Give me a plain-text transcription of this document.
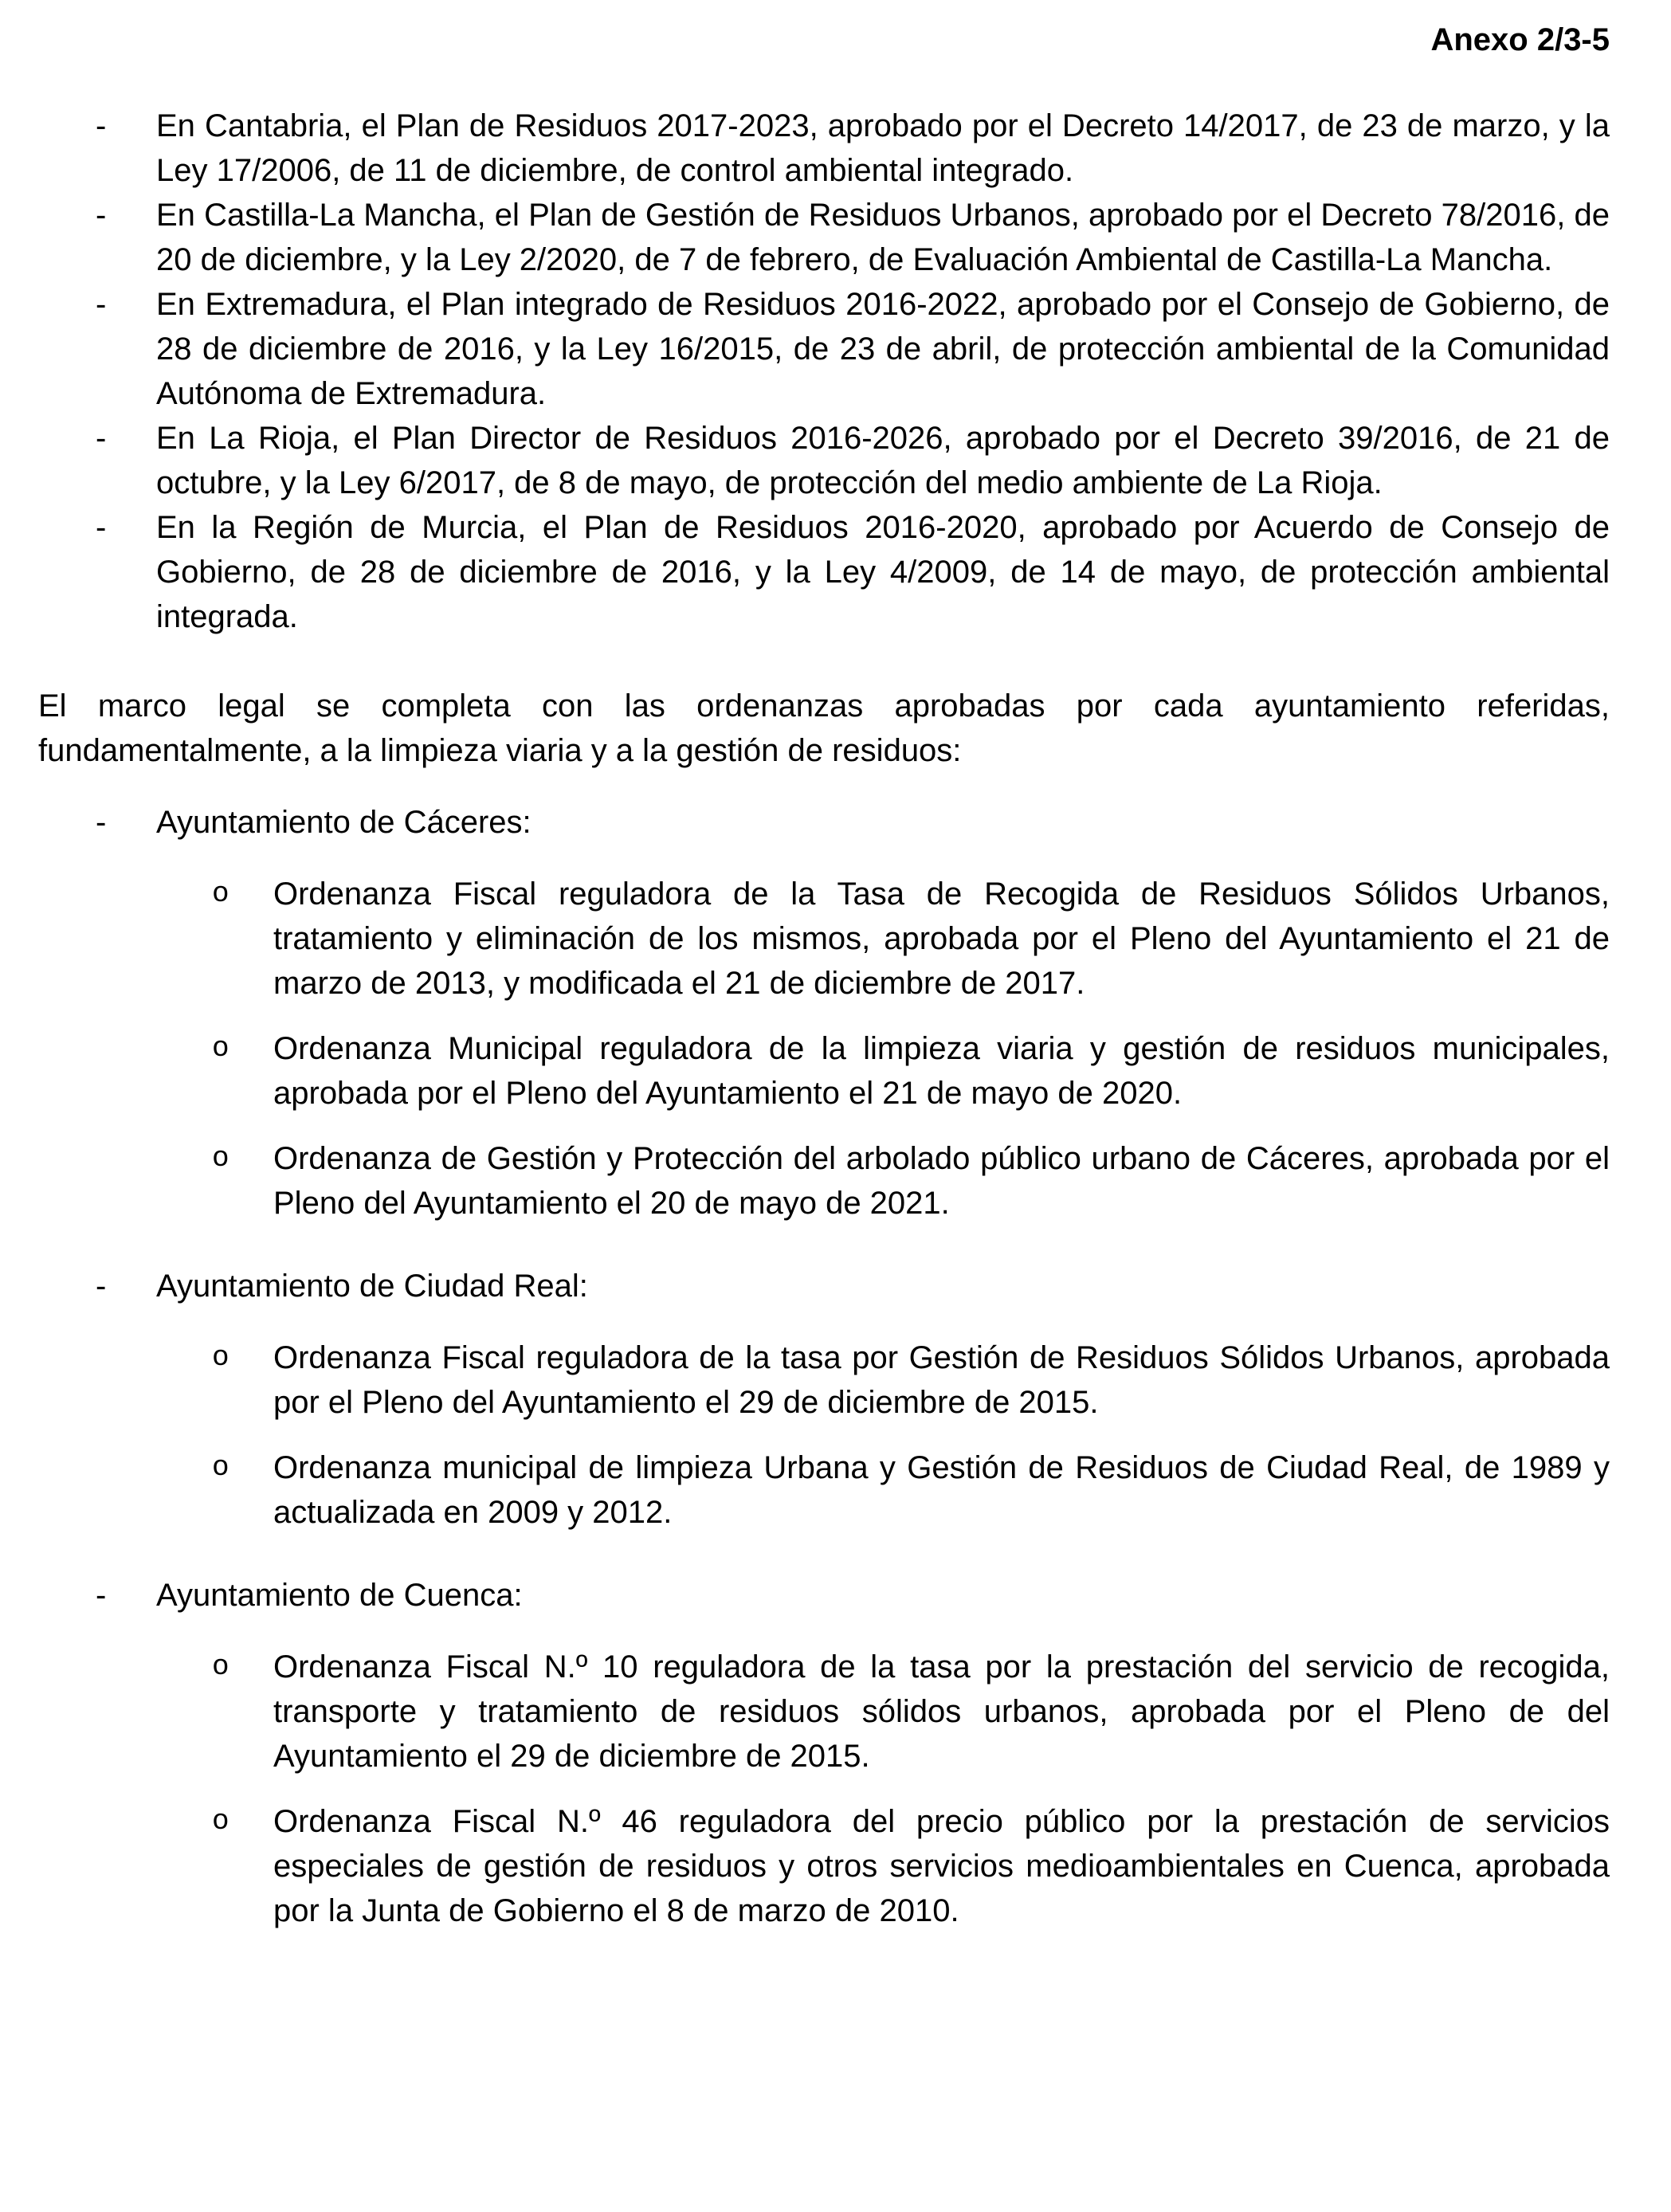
Anexo 2/3-5
- En Cantabria, el Plan de Residuos 2017-2023, aprobado por el Decreto 14/2017, de 23 de marzo, y la Ley 17/2006, de 11 de diciembre, de control ambiental integrado.
- En Castilla-La Mancha, el Plan de Gestión de Residuos Urbanos, aprobado por el Decreto 78/2016, de 20 de diciembre, y la Ley 2/2020, de 7 de febrero, de Evaluación Ambiental de Castilla-La Mancha.
- En Extremadura, el Plan integrado de Residuos 2016-2022, aprobado por el Consejo de Gobierno, de 28 de diciembre de 2016, y la Ley 16/2015, de 23 de abril, de protección ambiental de la Comunidad Autónoma de Extremadura.
- En La Rioja, el Plan Director de Residuos 2016-2026, aprobado por el Decreto 39/2016, de 21 de octubre, y la Ley 6/2017, de 8 de mayo, de protección del medio ambiente de La Rioja.
- En la Región de Murcia, el Plan de Residuos 2016-2020, aprobado por Acuerdo de Consejo de Gobierno, de 28 de diciembre de 2016, y la Ley 4/2009, de 14 de mayo, de protección ambiental integrada.

El marco legal se completa con las ordenanzas aprobadas por cada ayuntamiento referidas, fundamentalmente, a la limpieza viaria y a la gestión de residuos:

- Ayuntamiento de Cáceres:
o Ordenanza Fiscal reguladora de la Tasa de Recogida de Residuos Sólidos Urbanos, tratamiento y eliminación de los mismos, aprobada por el Pleno del Ayuntamiento el 21 de marzo de 2013, y modificada el 21 de diciembre de 2017.
o Ordenanza Municipal reguladora de la limpieza viaria y gestión de residuos municipales, aprobada por el Pleno del Ayuntamiento el 21 de mayo de 2020.
o Ordenanza de Gestión y Protección del arbolado público urbano de Cáceres, aprobada por el Pleno del Ayuntamiento el 20 de mayo de 2021.
- Ayuntamiento de Ciudad Real:
o Ordenanza Fiscal reguladora de la tasa por Gestión de Residuos Sólidos Urbanos, aprobada por el Pleno del Ayuntamiento el 29 de diciembre de 2015.
o Ordenanza municipal de limpieza Urbana y Gestión de Residuos de Ciudad Real, de 1989 y actualizada en 2009 y 2012.
- Ayuntamiento de Cuenca:
o Ordenanza Fiscal N.º 10 reguladora de la tasa por la prestación del servicio de recogida, transporte y tratamiento de residuos sólidos urbanos, aprobada por el Pleno de del Ayuntamiento el 29 de diciembre de 2015.
o Ordenanza Fiscal N.º 46 reguladora del precio público por la prestación de servicios especiales de gestión de residuos y otros servicios medioambientales en Cuenca, aprobada por la Junta de Gobierno el 8 de marzo de 2010.
